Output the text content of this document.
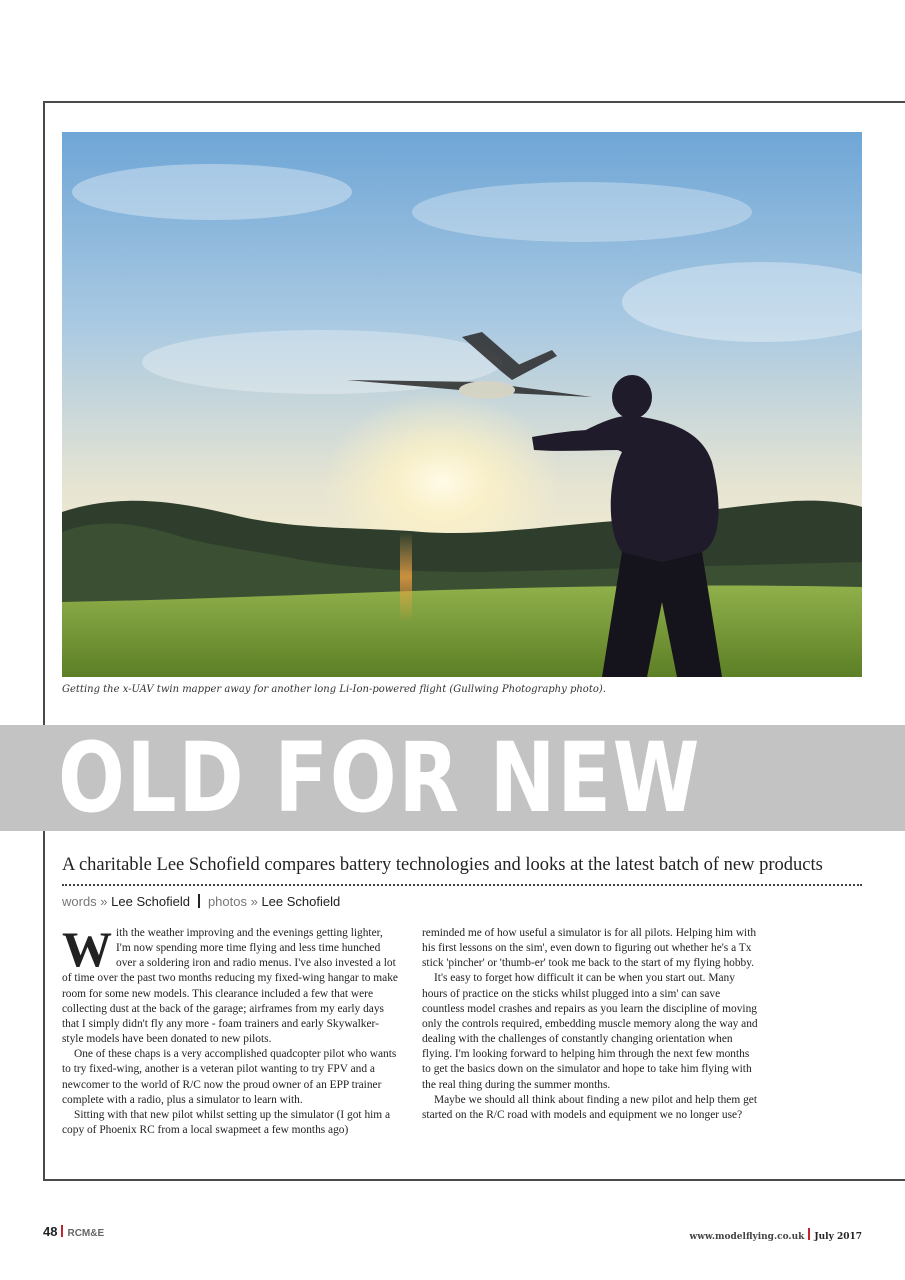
Getting the x-UAV twin mapper away for another long Li-Ion-powered flight (Gullwing Photography photo).
OLD FOR NEW
A charitable Lee Schofield compares battery technologies and looks at the latest batch of new products
words » Lee Schofield photos » Lee Schofield

With the weather improving and the evenings getting lighter, I'm now spending more time flying and less time hunched over a soldering iron and radio menus. I've also invested a lot of time over the past two months reducing my fixed-wing hangar to make room for some new models. This clearance included a few that were collecting dust at the back of the garage; airframes from my early days that I simply didn't fly any more - foam trainers and early Skywalker-style models have been donated to new pilots.

One of these chaps is a very accomplished quadcopter pilot who wants to try fixed-wing, another is a veteran pilot wanting to try FPV and a newcomer to the world of R/C now the proud owner of an EPP trainer complete with a radio, plus a simulator to learn with.

Sitting with that new pilot whilst setting up the simulator (I got him a copy of Phoenix RC from a local swapmeet a few months ago)

reminded me of how useful a simulator is for all pilots. Helping him with his first lessons on the sim', even down to figuring out whether he's a Tx stick 'pincher' or 'thumb-er' took me back to the start of my flying hobby.

It's easy to forget how difficult it can be when you start out. Many hours of practice on the sticks whilst plugged into a sim' can save countless model crashes and repairs as you learn the discipline of moving only the controls required, embedding muscle memory along the way and dealing with the challenges of constantly changing orientation when flying. I'm looking forward to helping him through the next few months to get the basics down on the simulator and hope to take him flying with the real thing during the summer months.

Maybe we should all think about finding a new pilot and help them get started on the R/C road with models and equipment we no longer use?

48 RCM&E	www.modelflying.co.uk July 2017
